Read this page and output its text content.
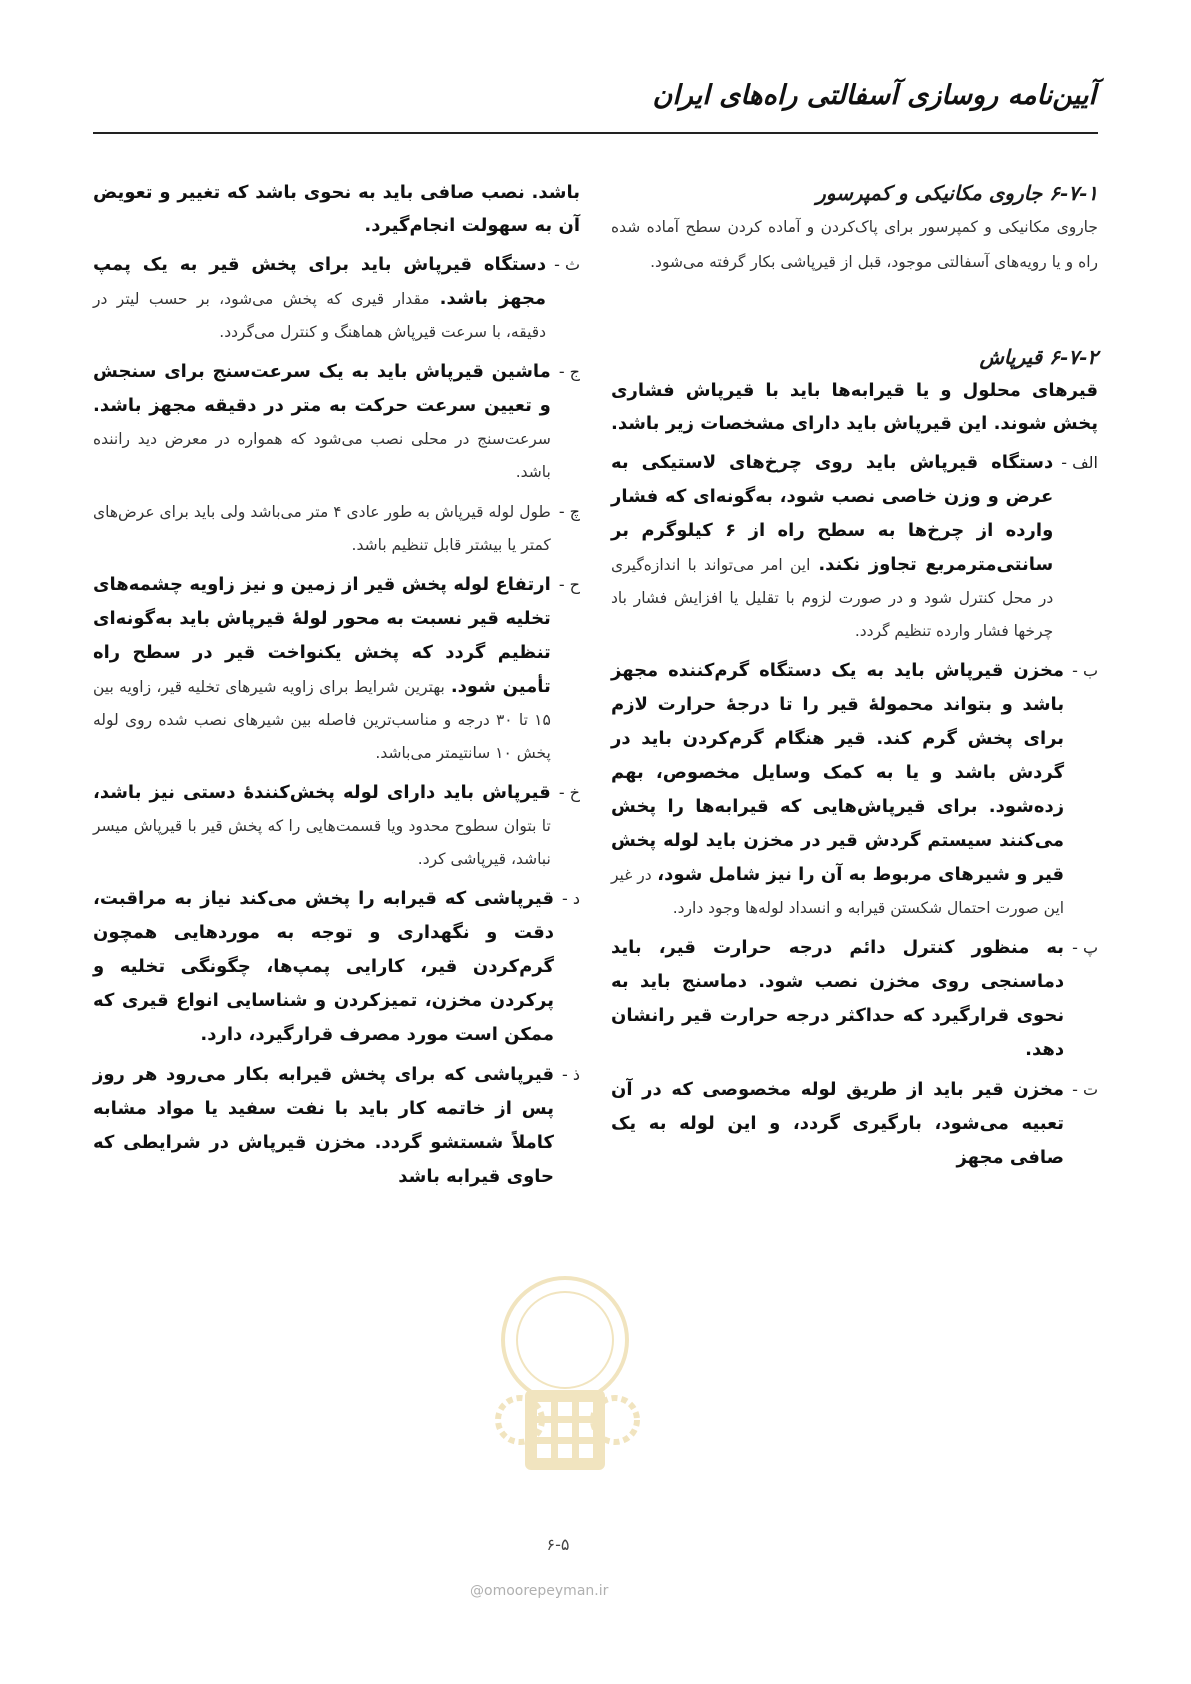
آیین‌نامه روسازی آسفالتی راه‌های ایران

۶-۷-۱ جاروی مکانیکی و کمپرسور

جاروی مکانیکی و کمپرسور برای پاک‌کردن و آماده کردن سطح آماده شده راه و یا رویه‌های آسفالتی موجود، قبل از قیرپاشی بکار گرفته می‌شود.

۶-۷-۲ قیرپاش

قیرهای محلول و یا قیرابه‌ها باید با قیرپاش فشاری پخش شوند. این قیرپاش باید دارای مشخصات زیر باشد.

الف -
دستگاه قیرپاش باید روی چرخ‌های لاستیکی به عرض و وزن خاصی نصب شود، به‌گونه‌ای که فشار وارده از چرخ‌ها به سطح راه از ۶ کیلوگرم بر سانتی‌مترمربع تجاوز نکند. این امر می‌تواند با اندازه‌گیری در محل کنترل شود و در صورت لزوم با تقلیل یا افزایش فشار باد چرخها فشار وارده تنظیم گردد.
ب -
مخزن قیرپاش باید به یک دستگاه گرم‌کننده مجهز باشد و بتواند محمولهٔ قیر را تا درجهٔ حرارت لازم برای پخش گرم کند. قیر هنگام گرم‌کردن باید در گردش باشد و یا به کمک وسایل مخصوص، بهم زده‌شود. برای قیرپاش‌هایی که قیرابه‌ها را پخش می‌کنند سیستم گردش قیر در مخزن باید لوله پخش قیر و شیرهای مربوط به آن را نیز شامل شود، در غیر این صورت احتمال شکستن قیرابه و انسداد لوله‌ها وجود دارد.
پ -
به منظور کنترل دائم درجه حرارت قیر، باید دماسنجی روی مخزن نصب شود. دماسنج باید به نحوی قرارگیرد که حداکثر درجه حرارت قیر رانشان دهد.
ت -
مخزن قیر باید از طریق لوله مخصوصی که در آن تعبیه می‌شود، بارگیری گردد، و این لوله به یک صافی مجهز

باشد. نصب صافی باید به نحوی باشد که تغییر و تعویض آن به سهولت انجام‌گیرد.

ث -
دستگاه قیرپاش باید برای پخش قیر به یک پمپ مجهز باشد. مقدار قیری که پخش می‌شود، بر حسب لیتر در دقیقه، با سرعت قیرپاش هماهنگ و کنترل می‌گردد.
ج -
ماشین قیرپاش باید به یک سرعت‌سنج برای سنجش و تعیین سرعت حرکت به متر در دقیقه مجهز باشد. سرعت‌سنج در محلی نصب می‌شود که همواره در معرض دید راننده باشد.
چ -
طول لوله قیرپاش به طور عادی ۴ متر می‌باشد ولی باید برای عرض‌های کمتر یا بیشتر قابل تنظیم باشد.
ح -
ارتفاع لوله پخش قیر از زمین و نیز زاویه چشمه‌های تخلیه قیر نسبت به محور لولهٔ قیرپاش باید به‌گونه‌ای تنظیم گردد که پخش یکنواخت قیر در سطح راه تأمین شود. بهترین شرایط برای زاویه شیرهای تخلیه قیر، زاویه بین ۱۵ تا ۳۰ درجه و مناسب‌ترین فاصله بین شیرهای نصب شده روی لوله پخش ۱۰ سانتیمتر می‌باشد.
خ -
قیرپاش باید دارای لوله پخش‌کنندهٔ دستی نیز باشد، تا بتوان سطوح محدود ویا قسمت‌هایی را که پخش قیر با قیرپاش میسر نباشد، قیرپاشی کرد.
د -
قیرپاشی که قیرابه را پخش می‌کند نیاز به مراقبت، دقت و نگهداری و توجه به موردهایی همچون گرم‌کردن قیر، کارایی پمپ‌ها، چگونگی تخلیه و پرکردن مخزن، تمیزکردن و شناسایی انواع قیری که ممکن است مورد مصرف قرارگیرد، دارد.
ذ -
قیرپاشی که برای پخش قیرابه بکار می‌رود هر روز پس از خاتمه کار باید با نفت سفید یا مواد مشابه کاملاً شستشو گردد. مخزن قیرپاش در شرایطی که حاوی قیرابه باشد
۶-۵
@omoorepeyman.ir
